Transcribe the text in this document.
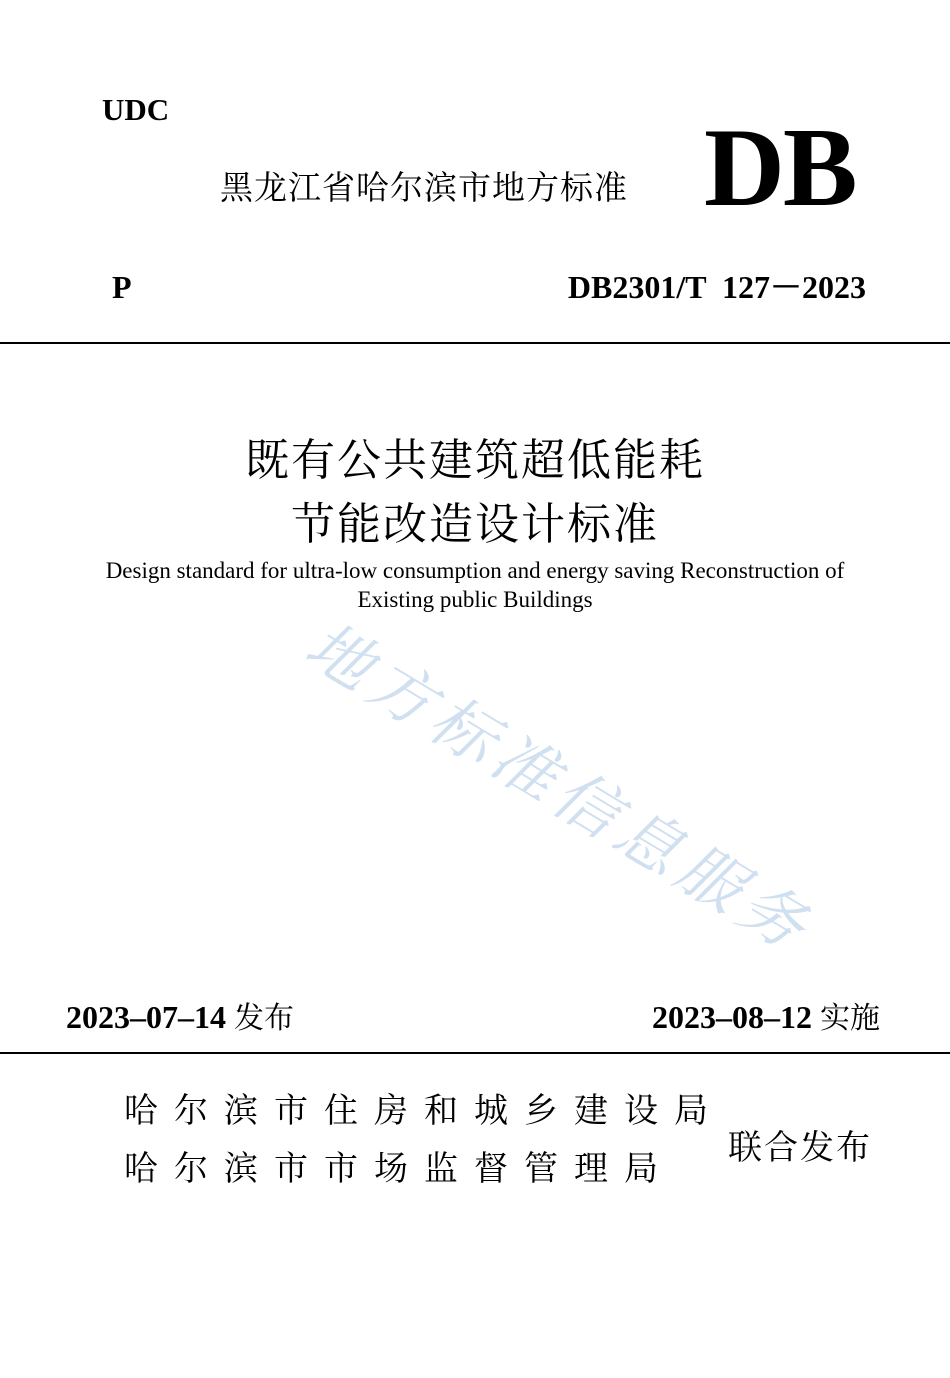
UDC
黑龙江省哈尔滨市地方标准 DB
P	DB2301/T  127－2023
既有公共建筑超低能耗
节能改造设计标准
Design standard for ultra-low consumption and energy saving Reconstruction of
Existing public Buildings
地方标准信息服务
2023–07–14 发布	2023–08–12 实施
哈尔滨市住房和城乡建设局
哈尔滨市市场监督管理局
联合发布
